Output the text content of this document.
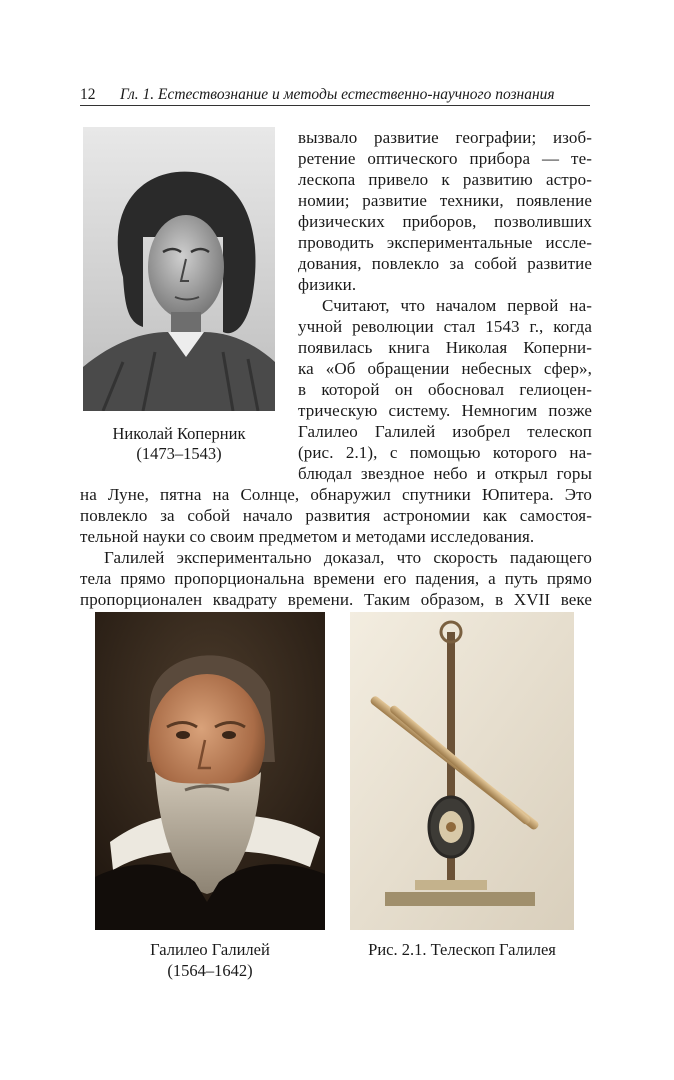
12 Гл. 1. Естествознание и методы естественно-научного познания
вызвало развитие географии; изоб-
ретение оптического прибора — те-
лескопа привело к развитию астро-
номии; развитие техники, появление
физических приборов, позволивших
проводить экспериментальные иссле-
дования, повлекло за собой развитие
физики.
Считают, что началом первой на-
учной революции стал 1543 г., когда
появилась книга Николая Коперни-
ка «Об обращении небесных сфер»,
в которой он обосновал гелиоцен-
трическую систему. Немногим позже
Галилео Галилей изобрел телескоп
(рис. 2.1), с помощью которого на-
блюдал звездное небо и открыл горы
Николай Коперник
(1473–1543)
на Луне, пятна на Солнце, обнаружил спутники Юпитера. Это
повлекло за собой начало развития астрономии как самостоя-
тельной науки со своим предметом и методами исследования.
Галилей экспериментально доказал, что скорость падающего
тела прямо пропорциональна времени его падения, а путь прямо
пропорционален квадрату времени. Таким образом, в XVII веке
Галилео Галилей
(1564–1642)
Рис. 2.1. Телескоп Галилея
